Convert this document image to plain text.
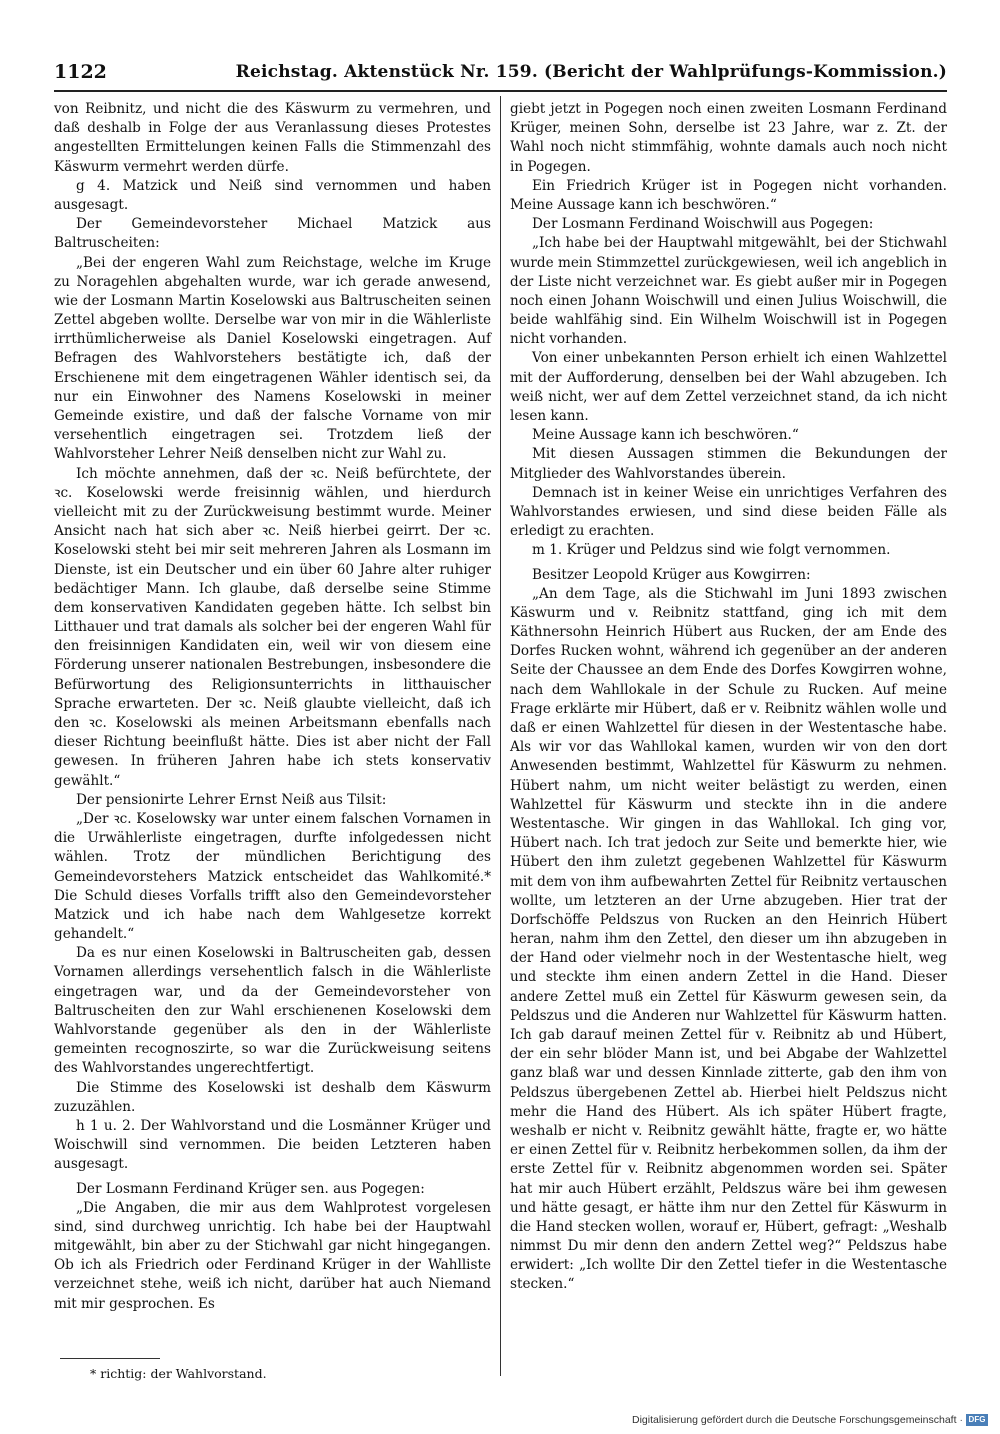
1122	Reichstag. Aktenstück Nr. 159. (Bericht der Wahlprüfungs-Kommission.)

von Reibnitz, und nicht die des Käswurm zu vermehren, und daß deshalb in Folge der aus Veranlassung dieses Protestes angestellten Ermittelungen keinen Falls die Stimmenzahl des Käswurm vermehrt werden dürfe.

g 4. Matzick und Neiß sind vernommen und haben ausgesagt.

Der Gemeindevorsteher Michael Matzick aus Baltruscheiten:

„Bei der engeren Wahl zum Reichstage, welche im Kruge zu Noragehlen abgehalten wurde, war ich gerade anwesend, wie der Losmann Martin Koselowski aus Baltruscheiten seinen Zettel abgeben wollte. Derselbe war von mir in die Wählerliste irrthümlicherweise als Daniel Koselowski eingetragen. Auf Befragen des Wahlvorstehers bestätigte ich, daß der Erschienene mit dem eingetragenen Wähler identisch sei, da nur ein Einwohner des Namens Koselowski in meiner Gemeinde existire, und daß der falsche Vorname von mir versehentlich eingetragen sei. Trotzdem ließ der Wahlvorsteher Lehrer Neiß denselben nicht zur Wahl zu.

Ich möchte annehmen, daß der ꝛc. Neiß befürchtete, der ꝛc. Koselowski werde freisinnig wählen, und hierdurch vielleicht mit zu der Zurückweisung bestimmt wurde. Meiner Ansicht nach hat sich aber ꝛc. Neiß hierbei geirrt. Der ꝛc. Koselowski steht bei mir seit mehreren Jahren als Losmann im Dienste, ist ein Deutscher und ein über 60 Jahre alter ruhiger bedächtiger Mann. Ich glaube, daß derselbe seine Stimme dem konservativen Kandidaten gegeben hätte. Ich selbst bin Litthauer und trat damals als solcher bei der engeren Wahl für den freisinnigen Kandidaten ein, weil wir von diesem eine Förderung unserer nationalen Bestrebungen, insbesondere die Befürwortung des Religionsunterrichts in litthauischer Sprache erwarteten. Der ꝛc. Neiß glaubte vielleicht, daß ich den ꝛc. Koselowski als meinen Arbeitsmann ebenfalls nach dieser Richtung beeinflußt hätte. Dies ist aber nicht der Fall gewesen. In früheren Jahren habe ich stets konservativ gewählt.“

Der pensionirte Lehrer Ernst Neiß aus Tilsit:

„Der ꝛc. Koselowsky war unter einem falschen Vornamen in die Urwählerliste eingetragen, durfte infolgedessen nicht wählen. Trotz der mündlichen Berichtigung des Gemeindevorstehers Matzick entscheidet das Wahlkomité.* Die Schuld dieses Vorfalls trifft also den Gemeindevorsteher Matzick und ich habe nach dem Wahlgesetze korrekt gehandelt.“

Da es nur einen Koselowski in Baltruscheiten gab, dessen Vornamen allerdings versehentlich falsch in die Wählerliste eingetragen war, und da der Gemeindevorsteher von Baltruscheiten den zur Wahl erschienenen Koselowski dem Wahlvorstande gegenüber als den in der Wählerliste gemeinten recognoszirte, so war die Zurückweisung seitens des Wahlvorstandes ungerechtfertigt.

Die Stimme des Koselowski ist deshalb dem Käswurm zuzuzählen.

h 1 u. 2. Der Wahlvorstand und die Losmänner Krüger und Woischwill sind vernommen. Die beiden Letzteren haben ausgesagt.

Der Losmann Ferdinand Krüger sen. aus Pogegen:

„Die Angaben, die mir aus dem Wahlprotest vorgelesen sind, sind durchweg unrichtig. Ich habe bei der Hauptwahl mitgewählt, bin aber zu der Stichwahl gar nicht hingegangen. Ob ich als Friedrich oder Ferdinand Krüger in der Wahlliste verzeichnet stehe, weiß ich nicht, darüber hat auch Niemand mit mir gesprochen. Es

giebt jetzt in Pogegen noch einen zweiten Losmann Ferdinand Krüger, meinen Sohn, derselbe ist 23 Jahre, war z. Zt. der Wahl noch nicht stimmfähig, wohnte damals auch noch nicht in Pogegen.

Ein Friedrich Krüger ist in Pogegen nicht vorhanden. Meine Aussage kann ich beschwören.“

Der Losmann Ferdinand Woischwill aus Pogegen:

„Ich habe bei der Hauptwahl mitgewählt, bei der Stichwahl wurde mein Stimmzettel zurückgewiesen, weil ich angeblich in der Liste nicht verzeichnet war. Es giebt außer mir in Pogegen noch einen Johann Woischwill und einen Julius Woischwill, die beide wahlfähig sind. Ein Wilhelm Woischwill ist in Pogegen nicht vorhanden.

Von einer unbekannten Person erhielt ich einen Wahlzettel mit der Aufforderung, denselben bei der Wahl abzugeben. Ich weiß nicht, wer auf dem Zettel verzeichnet stand, da ich nicht lesen kann.

Meine Aussage kann ich beschwören.“

Mit diesen Aussagen stimmen die Bekundungen der Mitglieder des Wahlvorstandes überein.

Demnach ist in keiner Weise ein unrichtiges Verfahren des Wahlvorstandes erwiesen, und sind diese beiden Fälle als erledigt zu erachten.

m 1. Krüger und Peldzus sind wie folgt vernommen.

Besitzer Leopold Krüger aus Kowgirren:

„An dem Tage, als die Stichwahl im Juni 1893 zwischen Käswurm und v. Reibnitz stattfand, ging ich mit dem Käthnersohn Heinrich Hübert aus Rucken, der am Ende des Dorfes Rucken wohnt, während ich gegenüber an der anderen Seite der Chaussee an dem Ende des Dorfes Kowgirren wohne, nach dem Wahllokale in der Schule zu Rucken. Auf meine Frage erklärte mir Hübert, daß er v. Reibnitz wählen wolle und daß er einen Wahlzettel für diesen in der Westentasche habe. Als wir vor das Wahllokal kamen, wurden wir von den dort Anwesenden bestimmt, Wahlzettel für Käswurm zu nehmen. Hübert nahm, um nicht weiter belästigt zu werden, einen Wahlzettel für Käswurm und steckte ihn in die andere Westentasche. Wir gingen in das Wahllokal. Ich ging vor, Hübert nach. Ich trat jedoch zur Seite und bemerkte hier, wie Hübert den ihm zuletzt gegebenen Wahlzettel für Käswurm mit dem von ihm aufbewahrten Zettel für Reibnitz vertauschen wollte, um letzteren an der Urne abzugeben. Hier trat der Dorfschöffe Peldszus von Rucken an den Heinrich Hübert heran, nahm ihm den Zettel, den dieser um ihn abzugeben in der Hand oder vielmehr noch in der Westentasche hielt, weg und steckte ihm einen andern Zettel in die Hand. Dieser andere Zettel muß ein Zettel für Käswurm gewesen sein, da Peldszus und die Anderen nur Wahlzettel für Käswurm hatten. Ich gab darauf meinen Zettel für v. Reibnitz ab und Hübert, der ein sehr blöder Mann ist, und bei Abgabe der Wahlzettel ganz blaß war und dessen Kinnlade zitterte, gab den ihm von Peldszus übergebenen Zettel ab. Hierbei hielt Peldszus nicht mehr die Hand des Hübert. Als ich später Hübert fragte, weshalb er nicht v. Reibnitz gewählt hätte, fragte er, wo hätte er einen Zettel für v. Reibnitz herbekommen sollen, da ihm der erste Zettel für v. Reibnitz abgenommen worden sei. Später hat mir auch Hübert erzählt, Peldszus wäre bei ihm gewesen und hätte gesagt, er hätte ihm nur den Zettel für Käswurm in die Hand stecken wollen, worauf er, Hübert, gefragt: „Weshalb nimmst Du mir denn den andern Zettel weg?“ Peldszus habe erwidert: „Ich wollte Dir den Zettel tiefer in die Westentasche stecken.“

* richtig: der Wahlvorstand.
Digitalisierung gefördert durch die Deutsche Forschungsgemeinschaft · DFG
